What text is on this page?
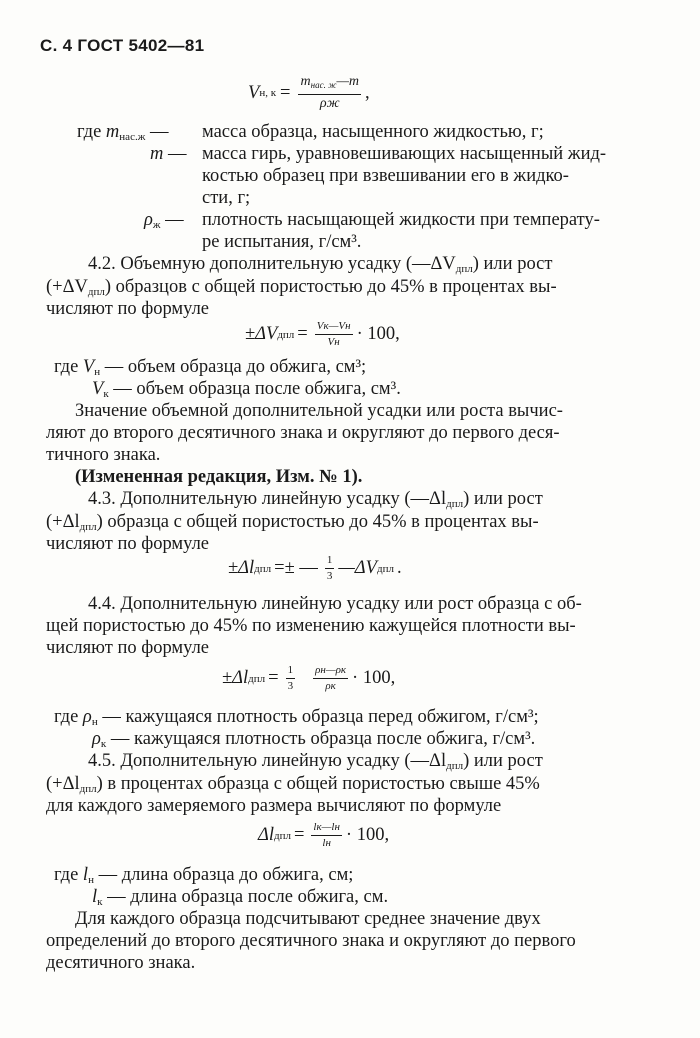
С. 4 ГОСТ 5402—81
V н, $к = \frac{m_{нас. ж}—m}{\rho ж}$ ,
где $m_{нас.ж}$ — масса образца, насыщенного жидкостью, г;
m — масса гирь, уравновешивающих насыщенный жид-
костью образец при взвешивании его в жидко-
сти, г;
$\rho_ж$ — плотность насыщающей жидкости при температу-
ре испытания, г/см³.
4.2. Объемную дополнительную усадку $(—\Delta V_{дпл})$ или рост
$(+\Delta V_{дпл})$ образцов с общей пористостью до 45% в процентах вы-
числяют по формуле
±ΔV дпл = $\frac{Vк—Vн}{Vн} \cdot 100$,
где $V_н$ — объем образца до обжига, см³;
$V_к$ — объем образца после обжига, см³.
Значение объемной дополнительной усадки или роста вычис-
ляют до второго десятичного знака и округляют до первого деся-
тичного знака.
(Измененная редакция, Изм. № 1).
4.3. Дополнительную линейную усадку $(—\Delta l_{дпл})$ или рост
$(+\Delta l_{дпл})$ образца с общей пористостью до 45% в процентах вы-
числяют по формуле
±Δl дпл =± — $\frac{1}{3}$ —ΔV дпл .
4.4. Дополнительную линейную усадку или рост образца с об-
щей пористостью до 45% по изменению кажущейся плотности вы-
числяют по формуле
±Δl дпл = $\frac{1}{3} \frac{\rho н—\rho к}{\rho к} \cdot 100$,
где $\rho_н$ — кажущаяся плотность образца перед обжигом, г/см³;
$\rho_к$ — кажущаяся плотность образца после обжига, г/см³.
4.5. Дополнительную линейную усадку $(—\Delta l_{дпл})$ или рост
$(+\Delta l_{дпл})$ в процентах образца с общей пористостью свыше 45%
для каждого замеряемого размера вычисляют по формуле
Δl дпл = $\frac{lк—lн}{lн} \cdot 100$,
где $l_н$ — длина образца до обжига, см;
$l_к$ — длина образца после обжига, см.
Для каждого образца подсчитывают среднее значение двух
определений до второго десятичного знака и округляют до первого
десятичного знака.
